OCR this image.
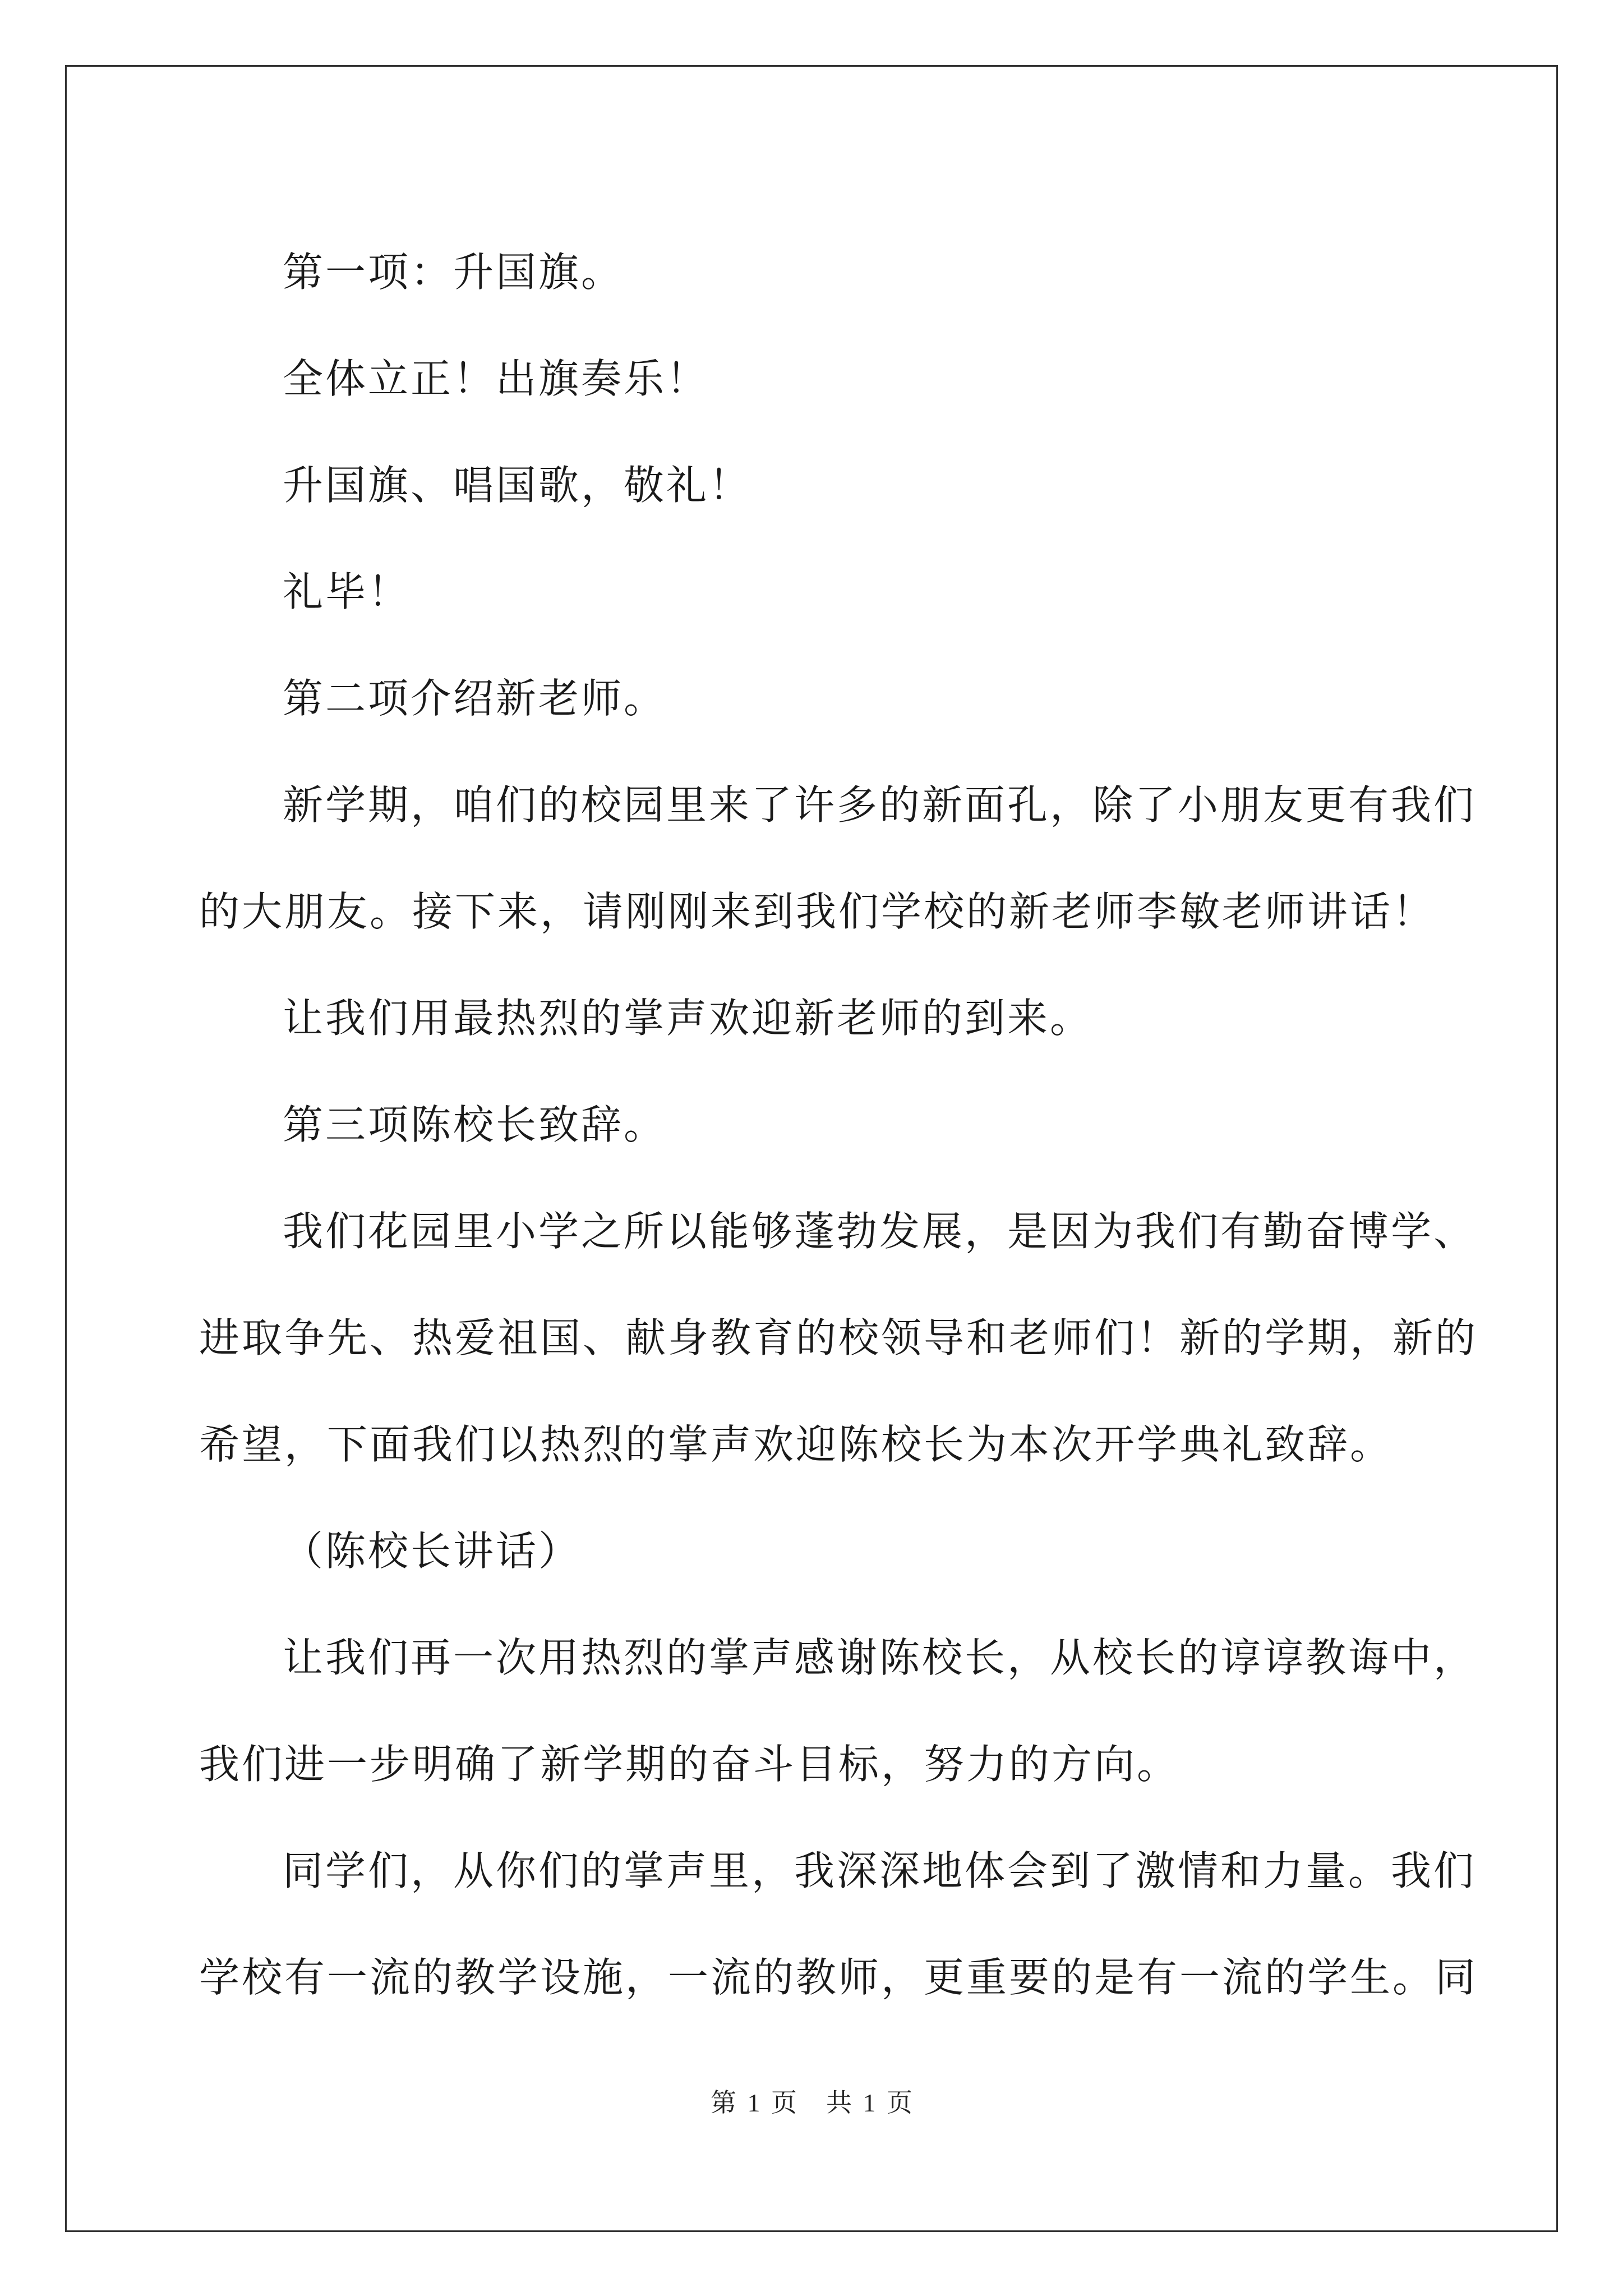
第一项：升国旗。

全体立正！出旗奏乐！

升国旗、唱国歌，敬礼！

礼毕！

第二项介绍新老师。

新学期，咱们的校园里来了许多的新面孔，除了小朋友更有我们
的大朋友。接下来，请刚刚来到我们学校的新老师李敏老师讲话！

让我们用最热烈的掌声欢迎新老师的到来。

第三项陈校长致辞。

我们花园里小学之所以能够蓬勃发展，是因为我们有勤奋博学、
进取争先、热爱祖国、献身教育的校领导和老师们！新的学期，新的
希望，下面我们以热烈的掌声欢迎陈校长为本次开学典礼致辞。

（陈校长讲话）

让我们再一次用热烈的掌声感谢陈校长，从校长的谆谆教诲中，
我们进一步明确了新学期的奋斗目标，努力的方向。

同学们，从你们的掌声里，我深深地体会到了激情和力量。我们
学校有一流的教学设施，一流的教师，更重要的是有一流的学生。同

第 1 页 共 1 页
